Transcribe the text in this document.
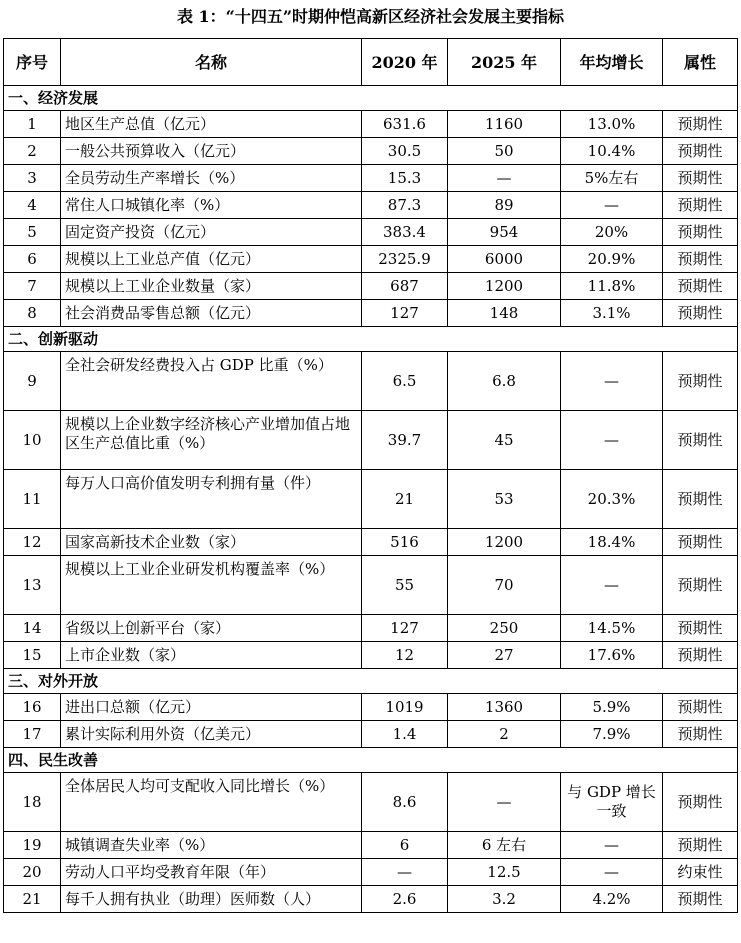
表 1：“十四五”时期仲恺高新区经济社会发展主要指标
序号	名称	2020 年	2025 年	年均增长	属性
一、经济发展					
1	地区生产总值（亿元）	631.6	1160	13.0%	预期性
2	一般公共预算收入（亿元）	30.5	50	10.4%	预期性
3	全员劳动生产率增长（%）	15.3	—	5%左右	预期性
4	常住人口城镇化率（%）	87.3	89	—	预期性
5	固定资产投资（亿元）	383.4	954	20%	预期性
6	规模以上工业总产值（亿元）	2325.9	6000	20.9%	预期性
7	规模以上工业企业数量（家）	687	1200	11.8%	预期性
8	社会消费品零售总额（亿元）	127	148	3.1%	预期性
二、创新驱动					
9	全社会研发经费投入占 GDP 比重（%）	6.5	6.8	—	预期性
10	规模以上企业数字经济核心产业增加值占地区生产总值比重（%）	39.7	45	—	预期性
11	每万人口高价值发明专利拥有量（件）	21	53	20.3%	预期性
12	国家高新技术企业数（家）	516	1200	18.4%	预期性
13	规模以上工业企业研发机构覆盖率（%）	55	70	—	预期性
14	省级以上创新平台（家）	127	250	14.5%	预期性
15	上市企业数（家）	12	27	17.6%	预期性
三、对外开放					
16	进出口总额（亿元）	1019	1360	5.9%	预期性
17	累计实际利用外资（亿美元）	1.4	2	7.9%	预期性
四、民生改善					
18	全体居民人均可支配收入同比增长（%）	8.6	—	与 GDP 增长一致	预期性
19	城镇调查失业率（%）	6	6 左右	—	预期性
20	劳动人口平均受教育年限（年）	—	12.5	—	约束性
21	每千人拥有执业（助理）医师数（人）	2.6	3.2	4.2%	预期性
